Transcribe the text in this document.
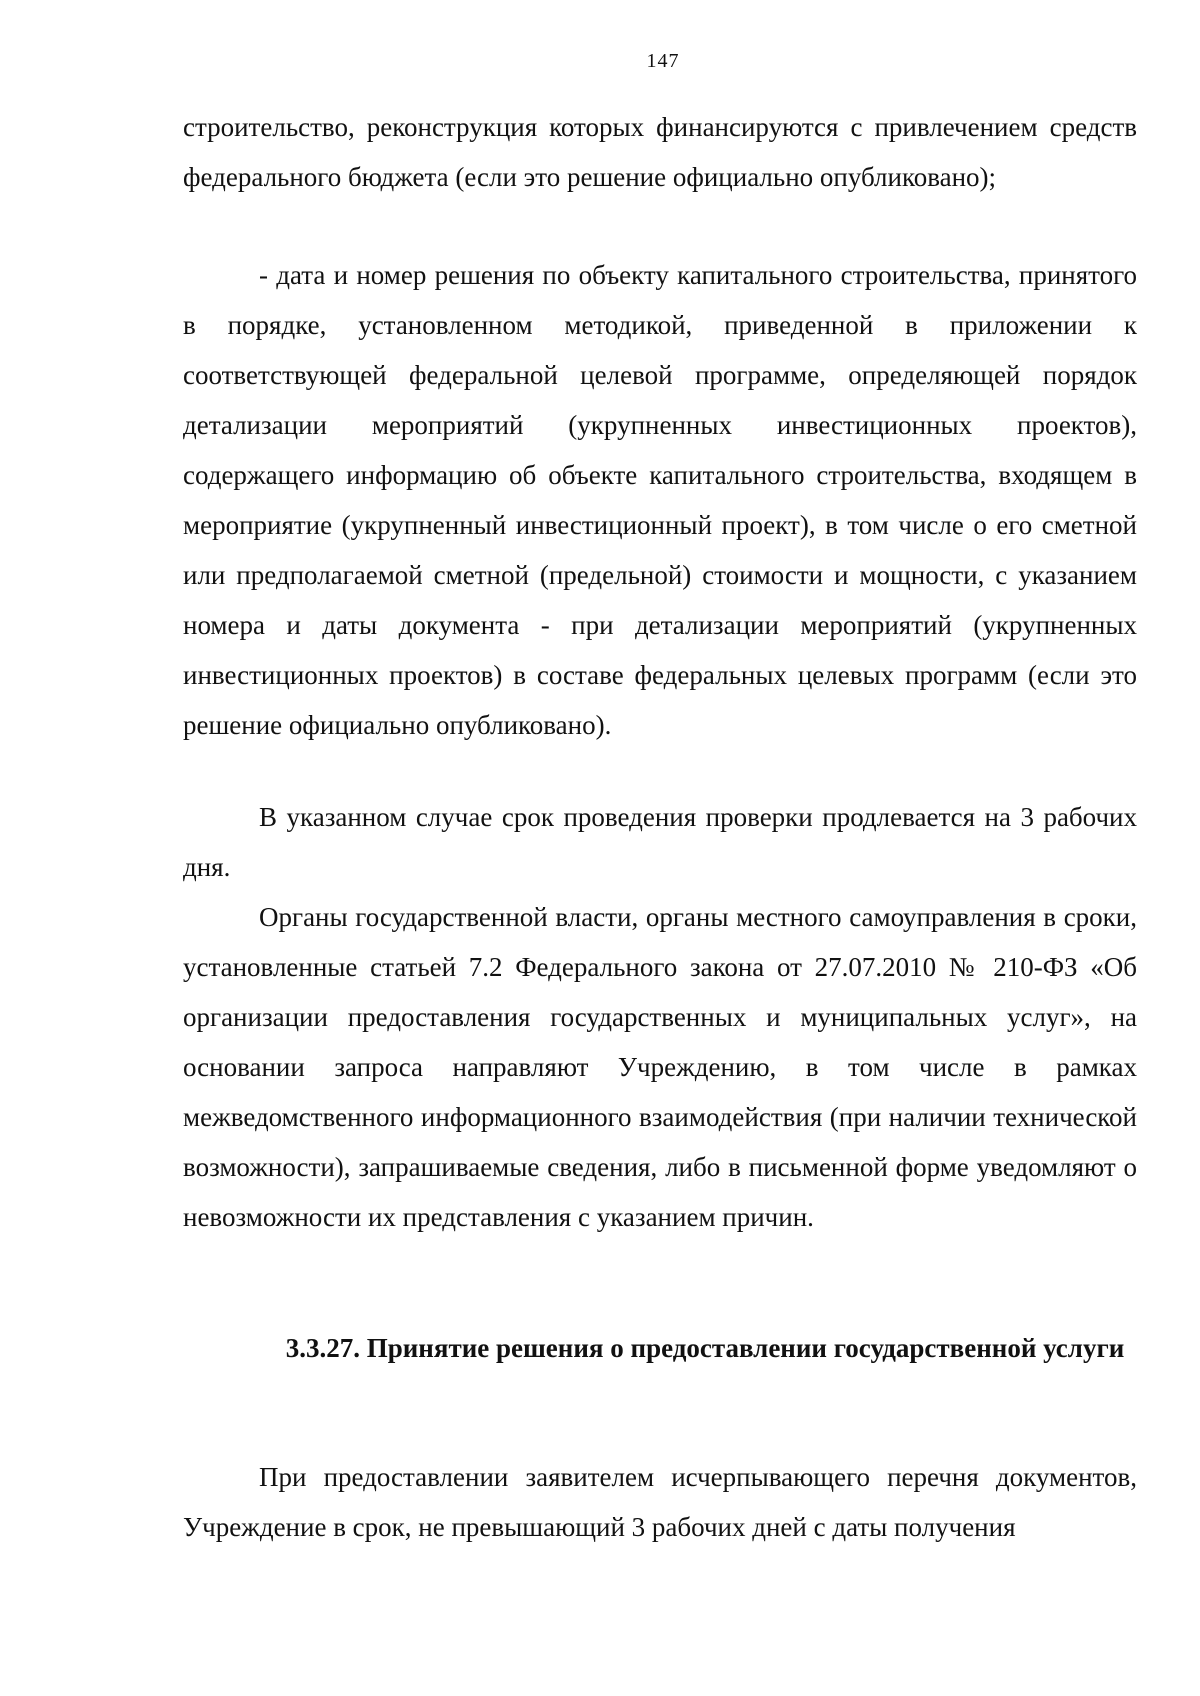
147

строительство, реконструкция которых финансируются с привлечением средств федерального бюджета (если это решение официально опубликовано);

- дата и номер решения по объекту капитального строительства, принятого в порядке, установленном методикой, приведенной в приложении к соответствующей федеральной целевой программе, определяющей порядок детализации мероприятий (укрупненных инвестиционных проектов), содержащего информацию об объекте капитального строительства, входящем в мероприятие (укрупненный инвестиционный проект), в том числе о его сметной или предполагаемой сметной (предельной) стоимости и мощности, с указанием номера и даты документа - при детализации мероприятий (укрупненных инвестиционных проектов) в составе федеральных целевых программ (если это решение официально опубликовано).

В указанном случае срок проведения проверки продлевается на 3 рабочих дня.

Органы государственной власти, органы местного самоуправления в сроки, установленные статьей 7.2 Федерального закона от 27.07.2010 № 210-ФЗ «Об организации предоставления государственных и муниципальных услуг», на основании запроса направляют Учреждению, в том числе в рамках межведомственного информационного взаимодействия (при наличии технической возможности), запрашиваемые сведения, либо в письменной форме уведомляют о невозможности их представления с указанием причин.

3.3.27. Принятие решения о предоставлении государственной услуги

При предоставлении заявителем исчерпывающего перечня документов, Учреждение в срок, не превышающий 3 рабочих дней с даты получения
